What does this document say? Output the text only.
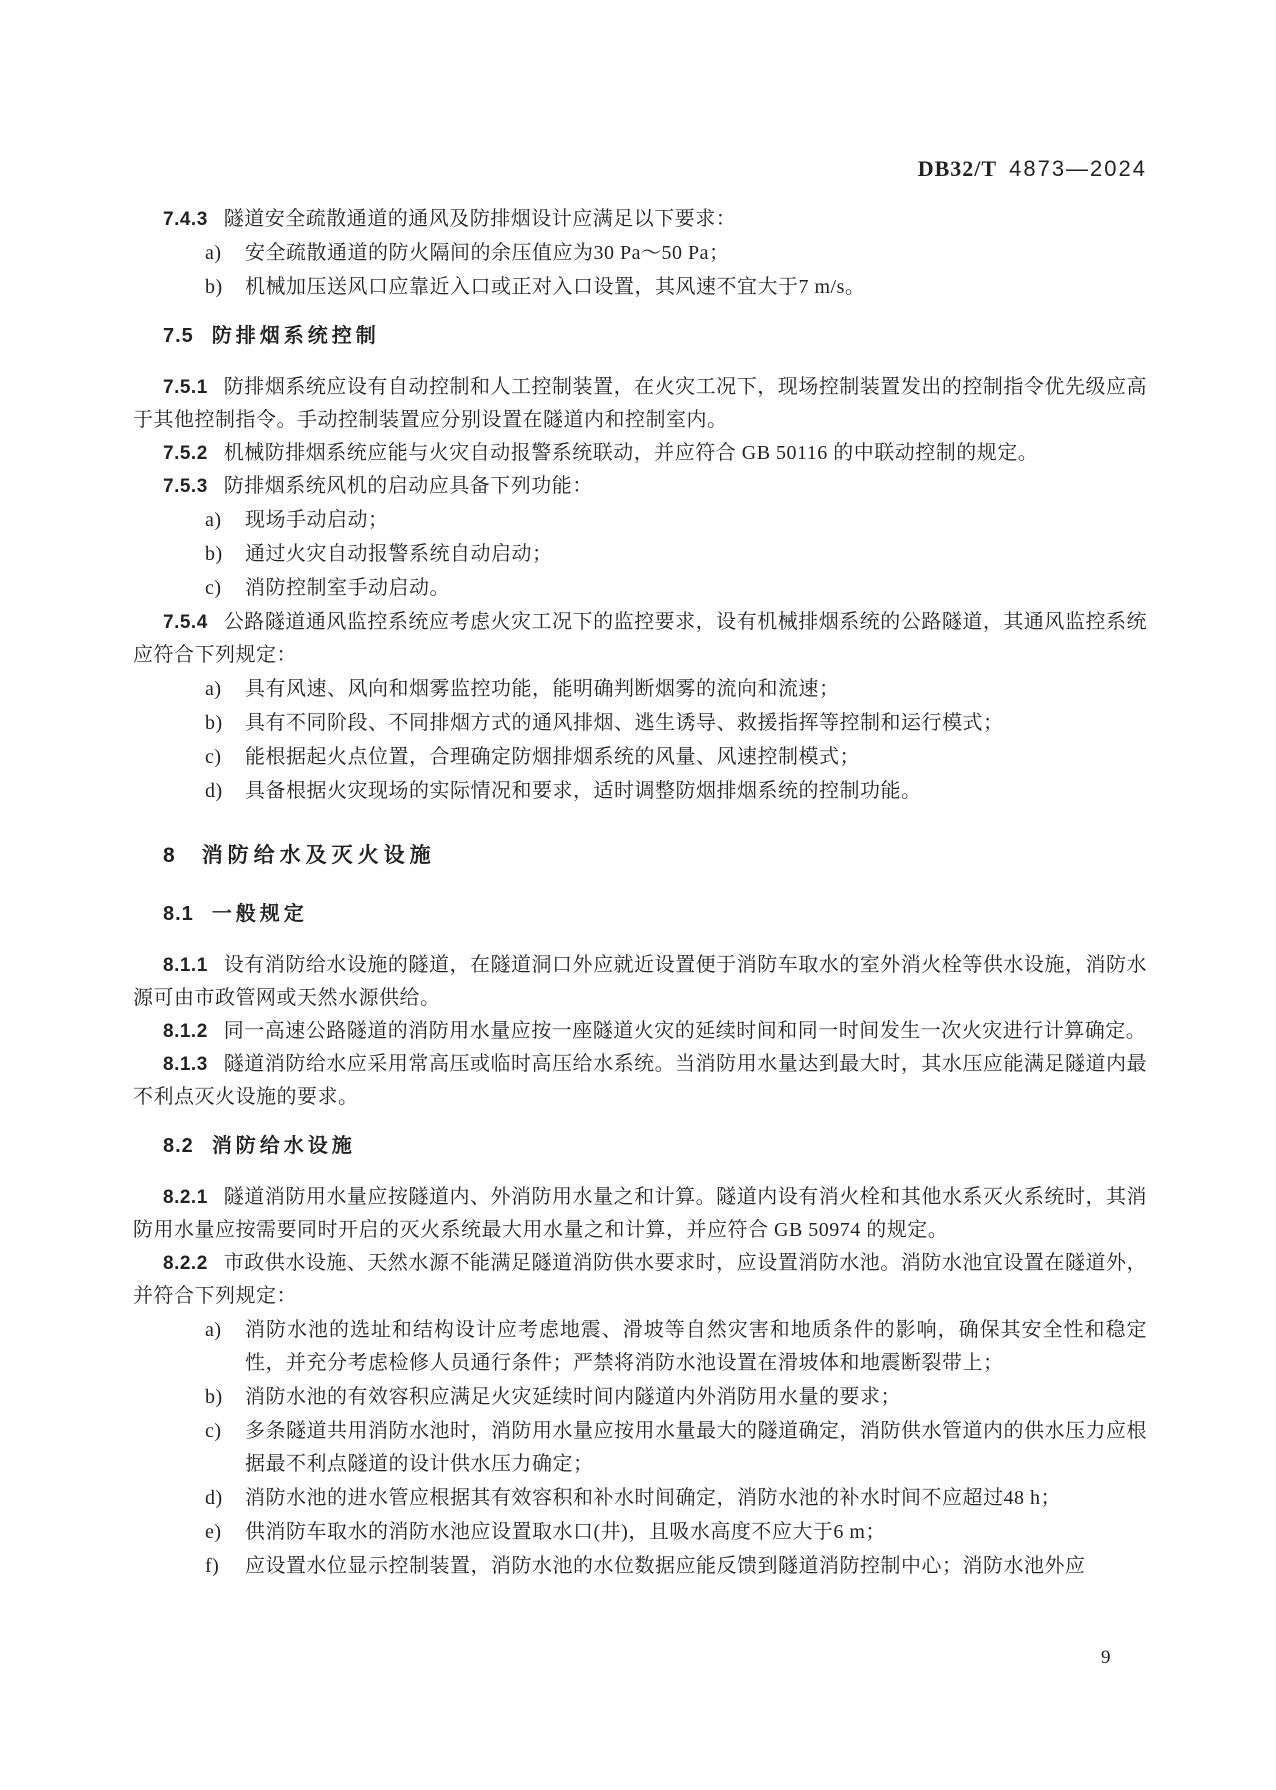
DB32/T 4873—2024
7.4.3 隧道安全疏散通道的通风及防排烟设计应满足以下要求：
a) 安全疏散通道的防火隔间的余压值应为30 Pa～50 Pa；
b) 机械加压送风口应靠近入口或正对入口设置，其风速不宜大于7 m/s。
7.5 防排烟系统控制
7.5.1 防排烟系统应设有自动控制和人工控制装置，在火灾工况下，现场控制装置发出的控制指令优先级应高于其他控制指令。手动控制装置应分别设置在隧道内和控制室内。
7.5.2 机械防排烟系统应能与火灾自动报警系统联动，并应符合 GB 50116 的中联动控制的规定。
7.5.3 防排烟系统风机的启动应具备下列功能：
a) 现场手动启动；
b) 通过火灾自动报警系统自动启动；
c) 消防控制室手动启动。
7.5.4 公路隧道通风监控系统应考虑火灾工况下的监控要求，设有机械排烟系统的公路隧道，其通风监控系统应符合下列规定：
a) 具有风速、风向和烟雾监控功能，能明确判断烟雾的流向和流速；
b) 具有不同阶段、不同排烟方式的通风排烟、逃生诱导、救援指挥等控制和运行模式；
c) 能根据起火点位置，合理确定防烟排烟系统的风量、风速控制模式；
d) 具备根据火灾现场的实际情况和要求，适时调整防烟排烟系统的控制功能。
8 消防给水及灭火设施
8.1 一般规定
8.1.1 设有消防给水设施的隧道，在隧道洞口外应就近设置便于消防车取水的室外消火栓等供水设施，消防水源可由市政管网或天然水源供给。
8.1.2 同一高速公路隧道的消防用水量应按一座隧道火灾的延续时间和同一时间发生一次火灾进行计算确定。
8.1.3 隧道消防给水应采用常高压或临时高压给水系统。当消防用水量达到最大时，其水压应能满足隧道内最不利点灭火设施的要求。
8.2 消防给水设施
8.2.1 隧道消防用水量应按隧道内、外消防用水量之和计算。隧道内设有消火栓和其他水系灭火系统时，其消防用水量应按需要同时开启的灭火系统最大用水量之和计算，并应符合 GB 50974 的规定。
8.2.2 市政供水设施、天然水源不能满足隧道消防供水要求时，应设置消防水池。消防水池宜设置在隧道外，并符合下列规定：
a) 消防水池的选址和结构设计应考虑地震、滑坡等自然灾害和地质条件的影响，确保其安全性和稳定性，并充分考虑检修人员通行条件；严禁将消防水池设置在滑坡体和地震断裂带上；
b) 消防水池的有效容积应满足火灾延续时间内隧道内外消防用水量的要求；
c) 多条隧道共用消防水池时，消防用水量应按用水量最大的隧道确定，消防供水管道内的供水压力应根据最不利点隧道的设计供水压力确定；
d) 消防水池的进水管应根据其有效容积和补水时间确定，消防水池的补水时间不应超过48 h；
e) 供消防车取水的消防水池应设置取水口(井)，且吸水高度不应大于6 m；
f) 应设置水位显示控制装置，消防水池的水位数据应能反馈到隧道消防控制中心；消防水池外应
9
